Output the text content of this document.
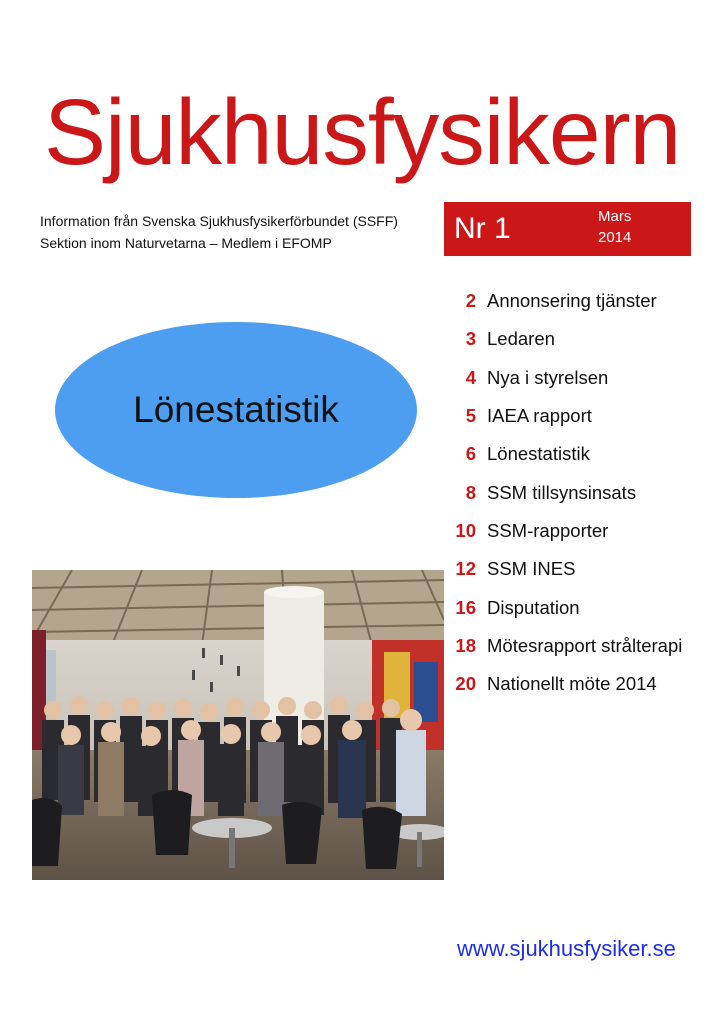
Sjukhusfysikern
Information från Svenska Sjukhusfysikerförbundet (SSFF)
Sektion inom Naturvetarna – Medlem i EFOMP	Nr 1	Mars
2014
2 Annonsering tjänster
3 Ledaren
4 Nya i styrelsen
5 IAEA rapport
6 Lönestatistik
8 SSM tillsynsinsats
10 SSM-rapporter
12 SSM INES
16 Disputation
18 Mötesrapport strålterapi
20 Nationellt möte 2014
Lönestatistik
www.sjukhusfysiker.se
